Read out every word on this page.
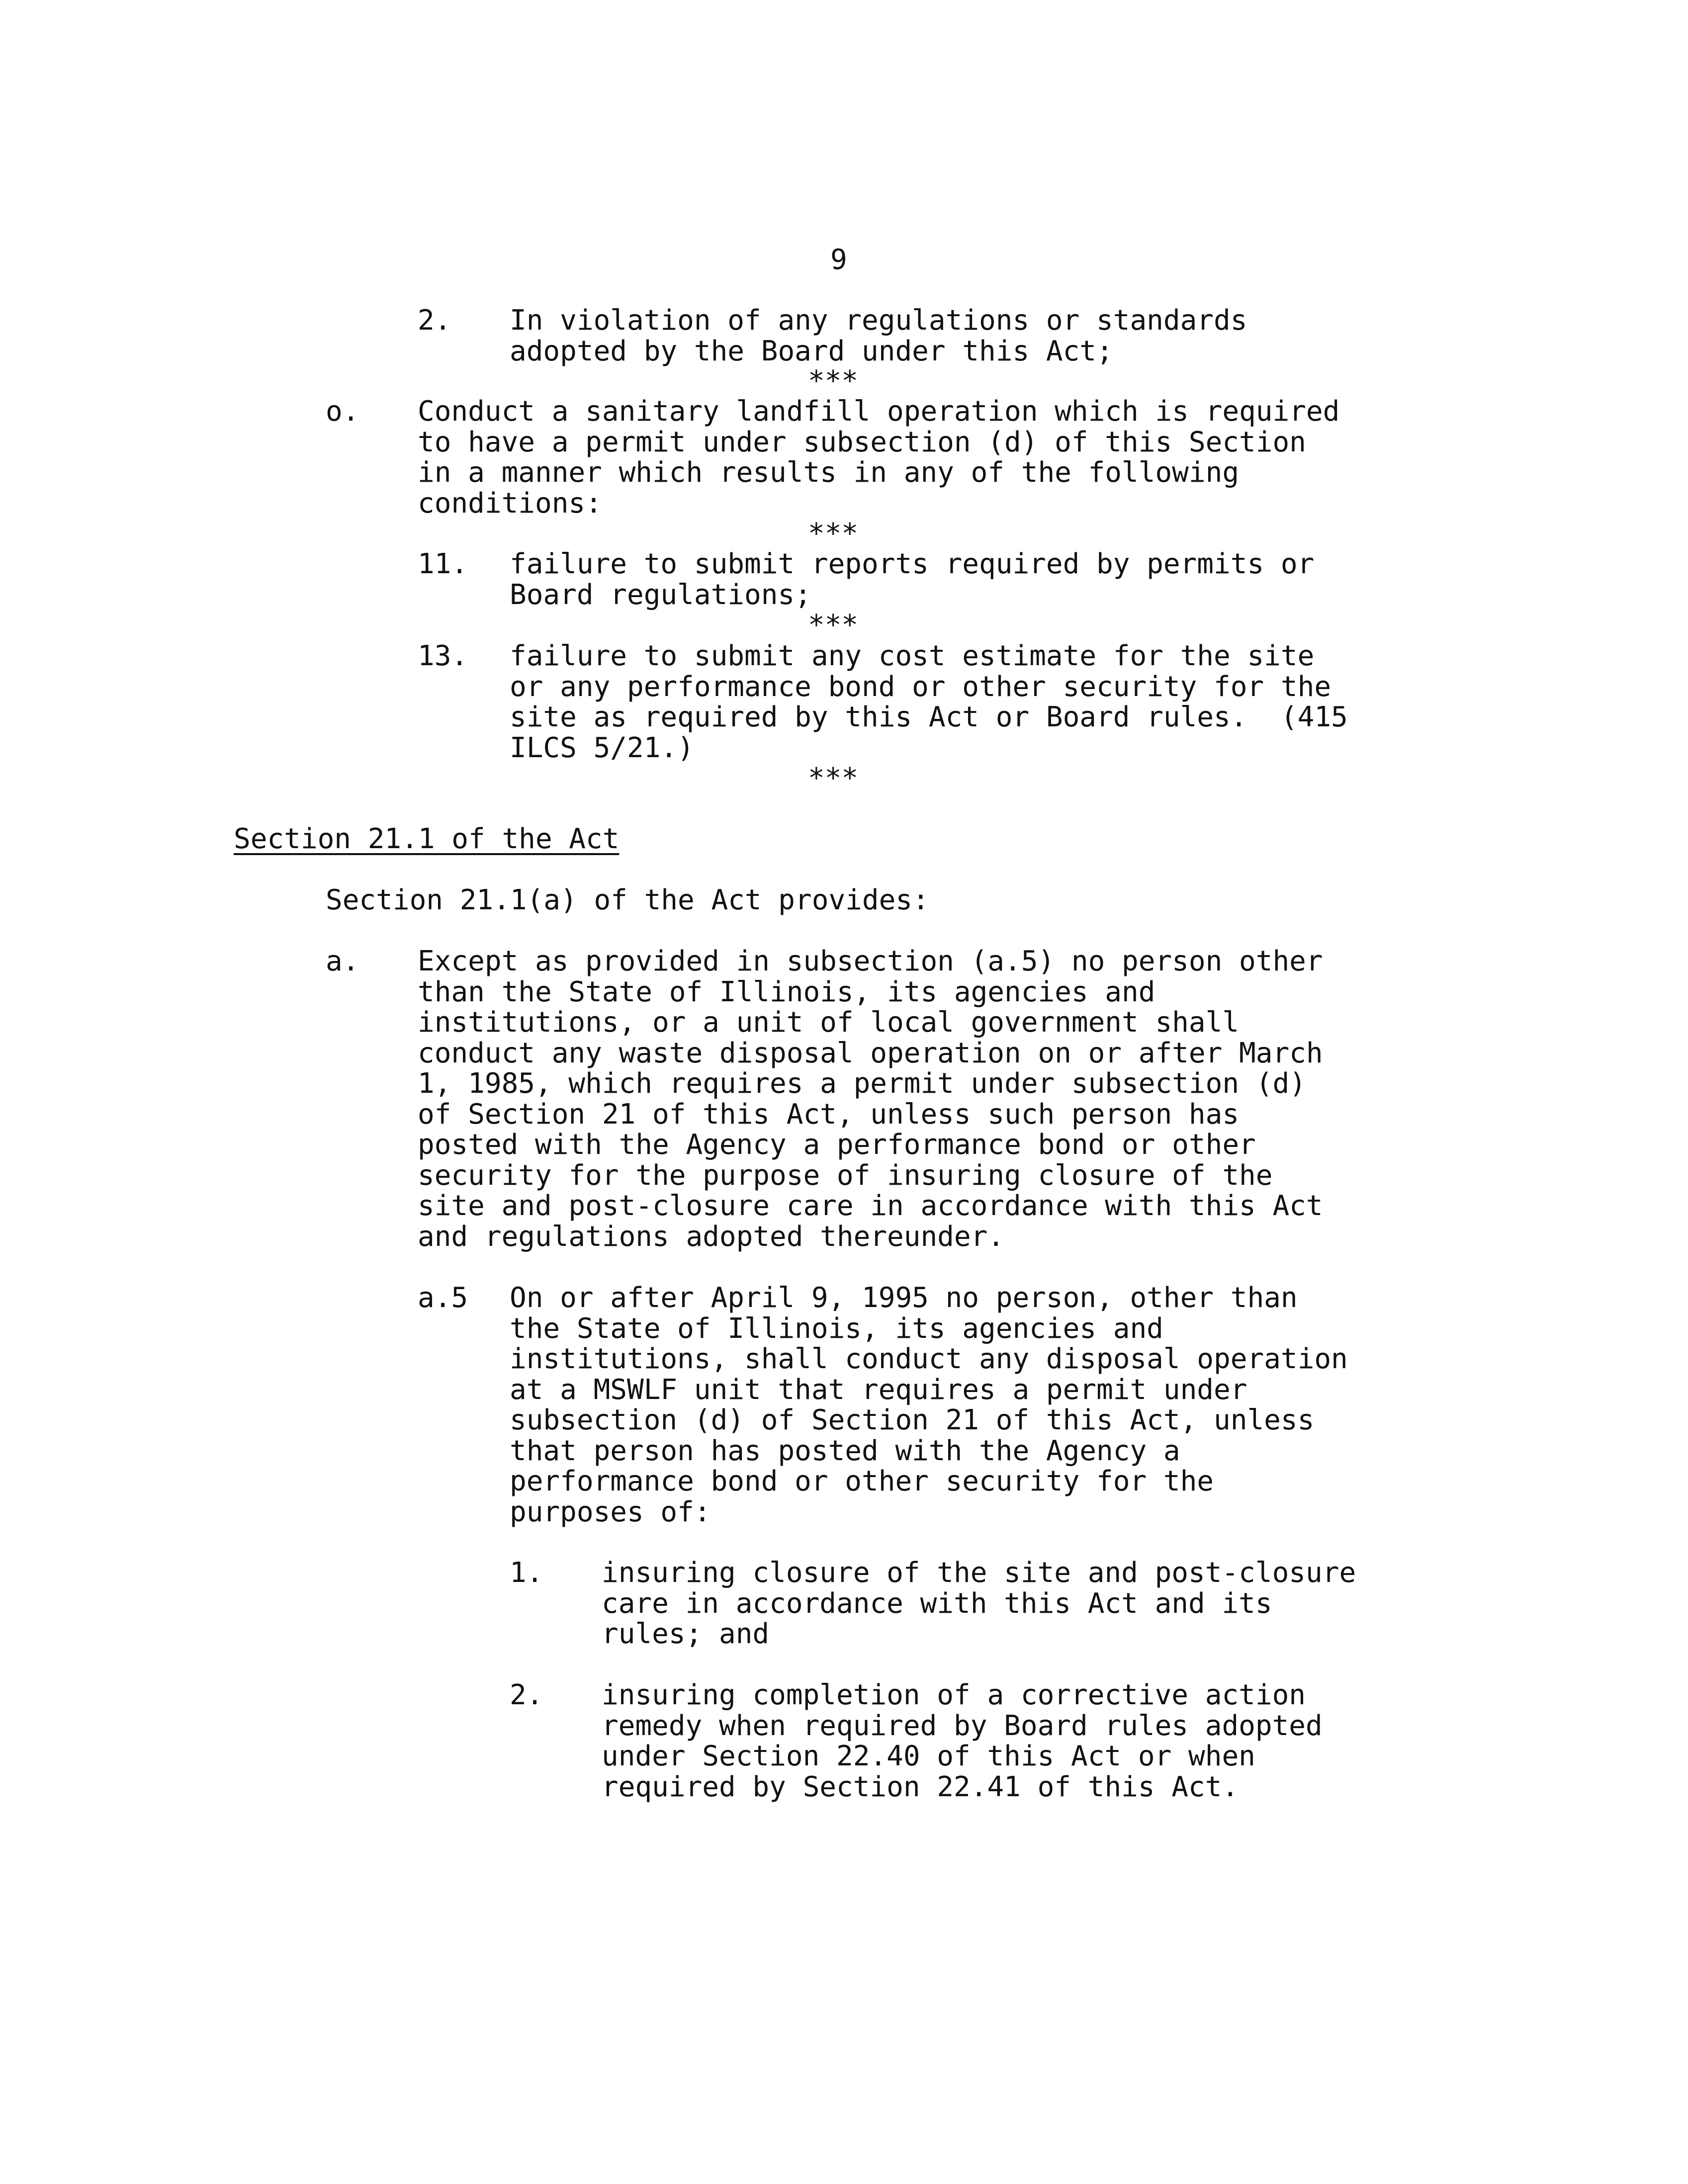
9
2. In violation of any regulations or standards
adopted by the Board under this Act;
***
o. Conduct a sanitary landfill operation which is required
to have a permit under subsection (d) of this Section
in a manner which results in any of the following
conditions:
***
11. failure to submit reports required by permits or
Board regulations;
***
13. failure to submit any cost estimate for the site
or any performance bond or other security for the
site as required by this Act or Board rules.  (415
ILCS 5/21.)
***
Section 21.1 of the Act
Section 21.1(a) of the Act provides:
a. Except as provided in subsection (a.5) no person other
than the State of Illinois, its agencies and
institutions, or a unit of local government shall
conduct any waste disposal operation on or after March
1, 1985, which requires a permit under subsection (d)
of Section 21 of this Act, unless such person has
posted with the Agency a performance bond or other
security for the purpose of insuring closure of the
site and post-closure care in accordance with this Act
and regulations adopted thereunder.
a.5 On or after April 9, 1995 no person, other than
the State of Illinois, its agencies and
institutions, shall conduct any disposal operation
at a MSWLF unit that requires a permit under
subsection (d) of Section 21 of this Act, unless
that person has posted with the Agency a
performance bond or other security for the
purposes of:
1. insuring closure of the site and post-closure
care in accordance with this Act and its
rules; and
2. insuring completion of a corrective action
remedy when required by Board rules adopted
under Section 22.40 of this Act or when
required by Section 22.41 of this Act.
